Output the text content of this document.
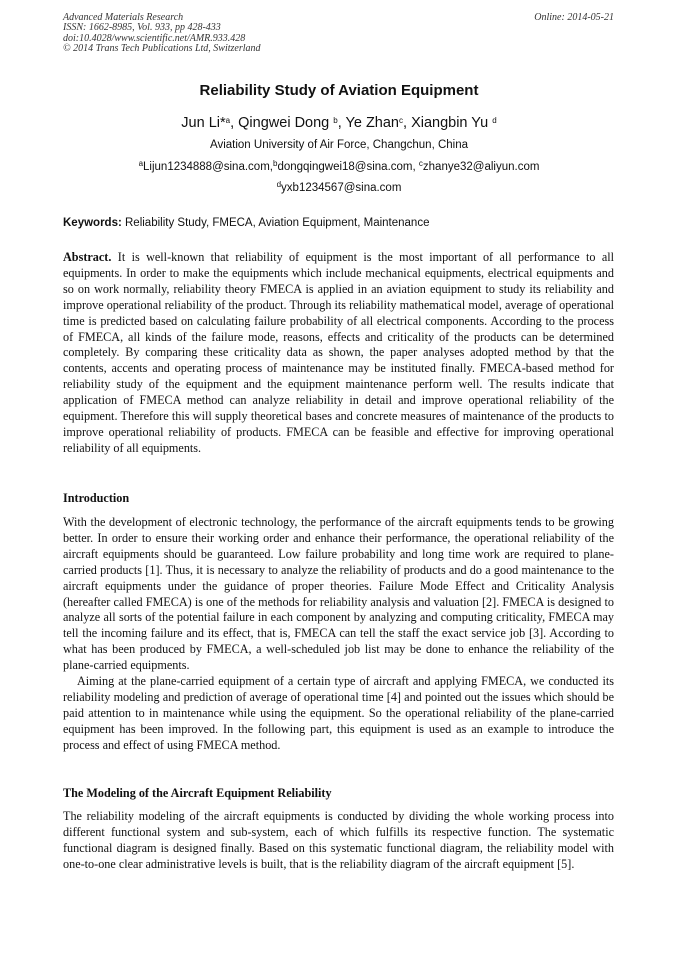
Advanced Materials Research
ISSN: 1662-8985, Vol. 933, pp 428-433
doi:10.4028/www.scientific.net/AMR.933.428
© 2014 Trans Tech Publications Ltd, Switzerland
Online: 2014-05-21
Reliability Study of Aviation Equipment
Jun Li*$^a$, Qingwei Dong $^b$, Ye Zhan$^c$, Xiangbin Yu $^d$
Aviation University of Air Force, Changchun, China
$^a$Lijun1234888@sina.com,$^b$dongqingwei18@sina.com, $^c$zhanye32@aliyun.com
$^d$yxb1234567@sina.com
Keywords: Reliability Study, FMECA, Aviation Equipment, Maintenance

Abstract. It is well-known that reliability of equipment is the most important of all performance to all equipments. In order to make the equipments which include mechanical equipments, electrical equipments and so on work normally, reliability theory FMECA is applied in an aviation equipment to study its reliability and improve operational reliability of the product. Through its reliability mathematical model, average of operational time is predicted based on calculating failure probability of all electrical components. According to the process of FMECA, all kinds of the failure mode, reasons, effects and criticality of the products can be determined completely. By comparing these criticality data as shown, the paper analyses adopted method by that the contents, accents and operating process of maintenance may be instituted finally. FMECA-based method for reliability study of the equipment and the equipment maintenance perform well. The results indicate that application of FMECA method can analyze reliability in detail and improve operational reliability of the equipment. Therefore this will supply theoretical bases and concrete measures of maintenance of the products to improve operational reliability of products. FMECA can be feasible and effective for improving operational reliability of all equipments.

Introduction

With the development of electronic technology, the performance of the aircraft equipments tends to be growing better. In order to ensure their working order and enhance their performance, the operational reliability of the aircraft equipments should be guaranteed. Low failure probability and long time work are required to plane-carried products [1]. Thus, it is necessary to analyze the reliability of products and do a good maintenance to the aircraft equipments under the guidance of proper theories. Failure Mode Effect and Criticality Analysis (hereafter called FMECA) is one of the methods for reliability analysis and valuation [2]. FMECA is designed to analyze all sorts of the potential failure in each component by analyzing and computing criticality, FMECA may tell the incoming failure and its effect, that is, FMECA can tell the staff the exact service job [3]. According to what has been produced by FMECA, a well-scheduled job list may be done to enhance the reliability of the plane-carried equipments.

Aiming at the plane-carried equipment of a certain type of aircraft and applying FMECA, we conducted its reliability modeling and prediction of average of operational time [4] and pointed out the issues which should be paid attention to in maintenance while using the equipment. So the operational reliability of the plane-carried equipment has been improved. In the following part, this equipment is used as an example to introduce the process and effect of using FMECA method.

The Modeling of the Aircraft Equipment Reliability

The reliability modeling of the aircraft equipments is conducted by dividing the whole working process into different functional system and sub-system, each of which fulfills its respective function. The systematic functional diagram is designed finally. Based on this systematic functional diagram, the reliability model with one-to-one clear administrative levels is built, that is the reliability diagram of the aircraft equipment [5].
